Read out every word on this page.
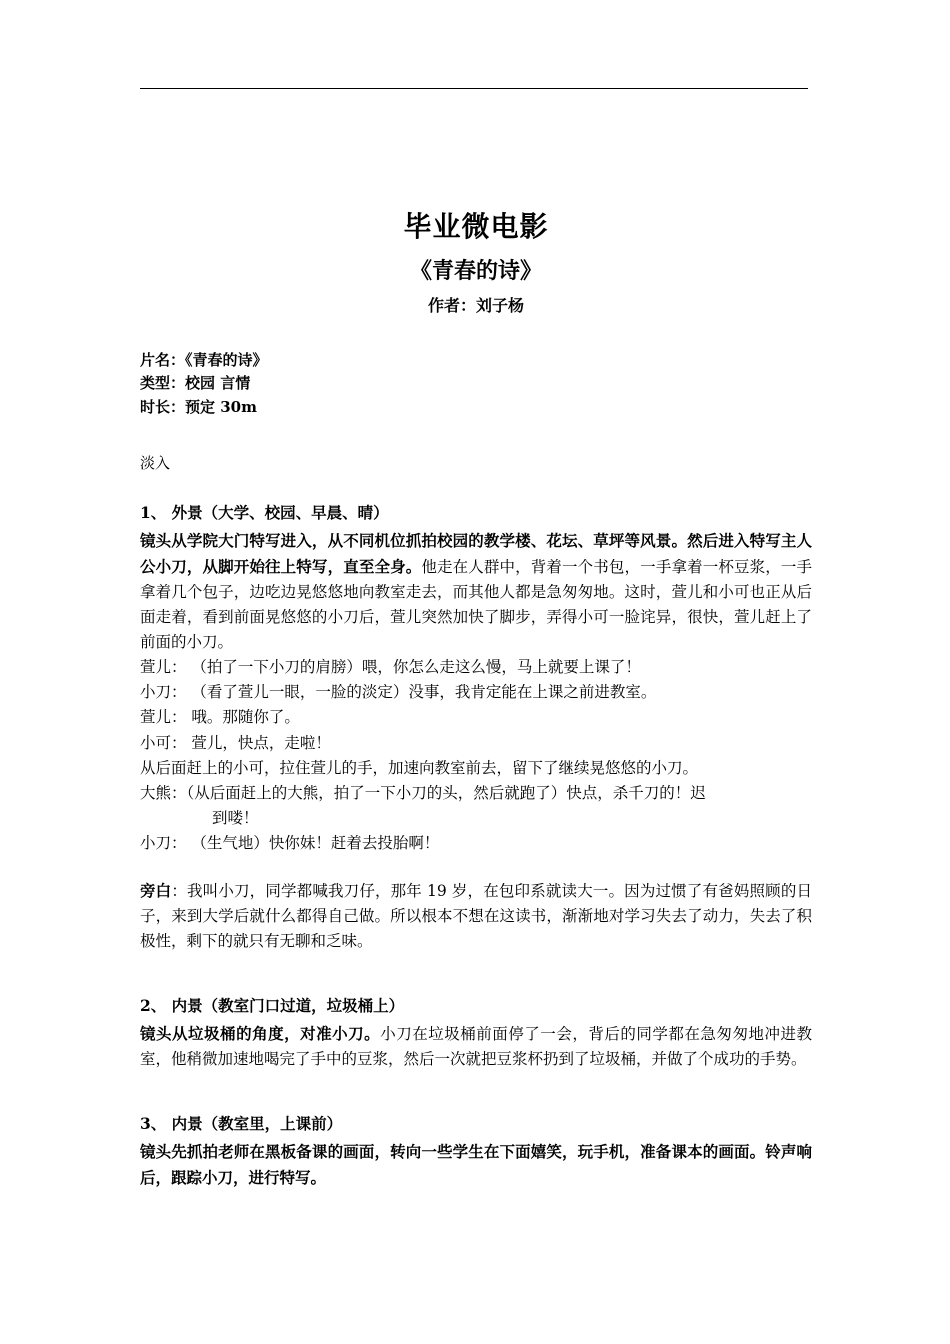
毕业微电影
《青春的诗》
作者：刘子杨
片名：《青春的诗》
类型：校园 言情
时长：预定 30m
淡入
1、 外景（大学、校园、早晨、晴）

镜头从学院大门特写进入，从不同机位抓拍校园的教学楼、花坛、草坪等风景。然后进入特写主人公小刀，从脚开始往上特写，直至全身。他走在人群中，背着一个书包，一手拿着一杯豆浆，一手拿着几个包子，边吃边晃悠悠地向教室走去，而其他人都是急匆匆地。这时，萱儿和小可也正从后面走着，看到前面晃悠悠的小刀后，萱儿突然加快了脚步，弄得小可一脸诧异，很快，萱儿赶上了前面的小刀。

萱儿： （拍了一下小刀的肩膀）喂，你怎么走这么慢，马上就要上课了！

小刀： （看了萱儿一眼，一脸的淡定）没事，我肯定能在上课之前进教室。

萱儿： 哦。那随你了。

小可： 萱儿，快点，走啦！

从后面赶上的小可，拉住萱儿的手，加速向教室前去，留下了继续晃悠悠的小刀。

大熊：（从后面赶上的大熊，拍了一下小刀的头，然后就跑了）快点，杀千刀的！迟

到喽！

小刀： （生气地）快你妹！赶着去投胎啊！

旁白：我叫小刀，同学都喊我刀仔，那年 19 岁，在包印系就读大一。因为过惯了有爸妈照顾的日子，来到大学后就什么都得自己做。所以根本不想在这读书，渐渐地对学习失去了动力，失去了积极性，剩下的就只有无聊和乏味。

2、 内景（教室门口过道，垃圾桶上）

镜头从垃圾桶的角度，对准小刀。小刀在垃圾桶前面停了一会，背后的同学都在急匆匆地冲进教室，他稍微加速地喝完了手中的豆浆，然后一次就把豆浆杯扔到了垃圾桶，并做了个成功的手势。

3、 内景（教室里，上课前）

镜头先抓拍老师在黑板备课的画面，转向一些学生在下面嬉笑，玩手机，准备课本的画面。铃声响后，跟踪小刀，进行特写。
